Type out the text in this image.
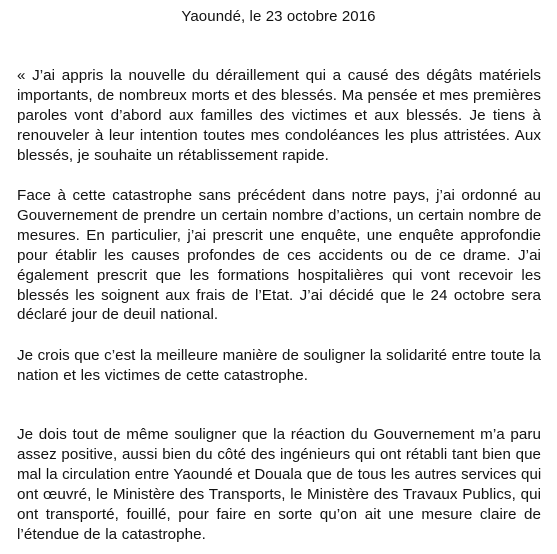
Yaoundé, le 23 octobre 2016

« J’ai appris la nouvelle du déraillement qui a causé des dégâts matériels
importants, de nombreux morts et des blessés. Ma pensée et mes premières
paroles vont d’abord aux familles des victimes et aux blessés. Je tiens à
renouveler à leur intention toutes mes condoléances les plus attristées. Aux
blessés, je souhaite un rétablissement rapide.

Face à cette catastrophe sans précédent dans notre pays, j’ai ordonné au
Gouvernement de prendre un certain nombre d’actions, un certain nombre de
mesures. En particulier, j’ai prescrit une enquête, une enquête approfondie
pour établir les causes profondes de ces accidents ou de ce drame. J’ai
également prescrit que les formations hospitalières qui vont recevoir les
blessés les soignent aux frais de l’Etat. J’ai décidé que le 24 octobre sera
déclaré jour de deuil national.

Je crois que c’est la meilleure manière de souligner la solidarité entre toute la
nation et les victimes de cette catastrophe.

Je dois tout de même souligner que la réaction du Gouvernement m’a paru
assez positive, aussi bien du côté des ingénieurs qui ont rétabli tant bien que
mal la circulation entre Yaoundé et Douala que de tous les autres services qui
ont œuvré, le Ministère des Transports, le Ministère des Travaux Publics, qui
ont transporté, fouillé, pour faire en sorte qu’on ait une mesure claire de
l’étendue de la catastrophe.
